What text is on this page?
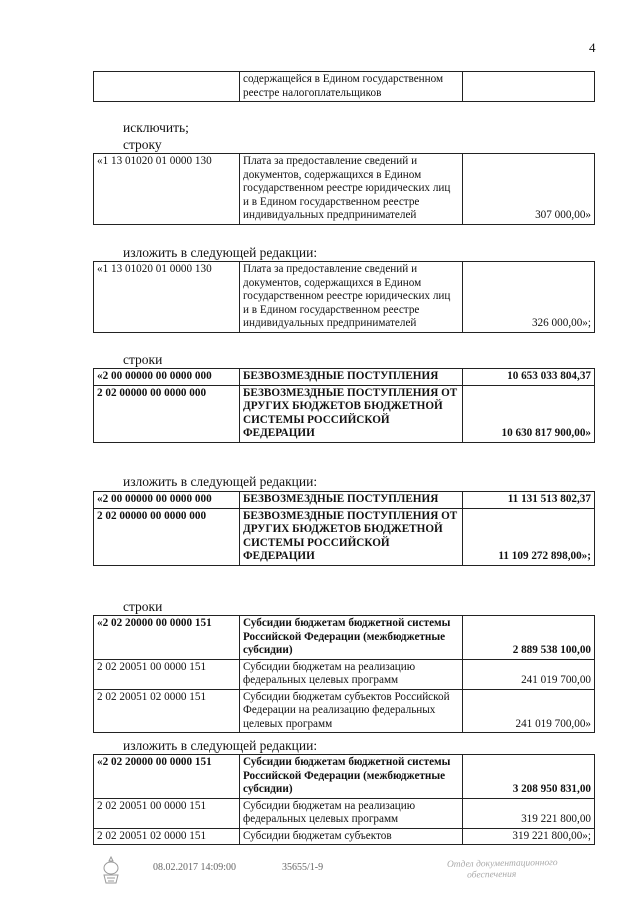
4
	содержащейся в Едином государственном реестре налогоплательщиков	
исключить;
строку
«1 13 01020 01 0000 130	Плата за предоставление сведений и документов, содержащихся в Едином государственном реестре юридических лиц и в Едином государственном реестре индивидуальных предпринимателей	307 000,00»
изложить в следующей редакции:
«1 13 01020 01 0000 130	Плата за предоставление сведений и документов, содержащихся в Едином государственном реестре юридических лиц и в Едином государственном реестре индивидуальных предпринимателей	326 000,00»;
строки
«2 00 00000 00 0000 000	БЕЗВОЗМЕЗДНЫЕ ПОСТУПЛЕНИЯ	10 653 033 804,37
2 02 00000 00 0000 000	БЕЗВОЗМЕЗДНЫЕ ПОСТУПЛЕНИЯ ОТ ДРУГИХ БЮДЖЕТОВ БЮДЖЕТНОЙ СИСТЕМЫ РОССИЙСКОЙ ФЕДЕРАЦИИ	10 630 817 900,00»
изложить в следующей редакции:
«2 00 00000 00 0000 000	БЕЗВОЗМЕЗДНЫЕ ПОСТУПЛЕНИЯ	11 131 513 802,37
2 02 00000 00 0000 000	БЕЗВОЗМЕЗДНЫЕ ПОСТУПЛЕНИЯ ОТ ДРУГИХ БЮДЖЕТОВ БЮДЖЕТНОЙ СИСТЕМЫ РОССИЙСКОЙ ФЕДЕРАЦИИ	11 109 272 898,00»;
строки
«2 02 20000 00 0000 151	Субсидии бюджетам бюджетной системы Российской Федерации (межбюджетные субсидии)	2 889 538 100,00
2 02 20051 00 0000 151	Субсидии бюджетам на реализацию федеральных целевых программ	241 019 700,00
2 02 20051 02 0000 151	Субсидии бюджетам субъектов Российской Федерации на реализацию федеральных целевых программ	241 019 700,00»
изложить в следующей редакции:
«2 02 20000 00 0000 151	Субсидии бюджетам бюджетной системы Российской Федерации (межбюджетные субсидии)	3 208 950 831,00
2 02 20051 00 0000 151	Субсидии бюджетам на реализацию федеральных целевых программ	319 221 800,00
2 02 20051 02 0000 151	Субсидии бюджетам субъектов	319 221 800,00»;
08.02.2017 14:09:00	35655/1-9	Отдел документационного
обеспечения
